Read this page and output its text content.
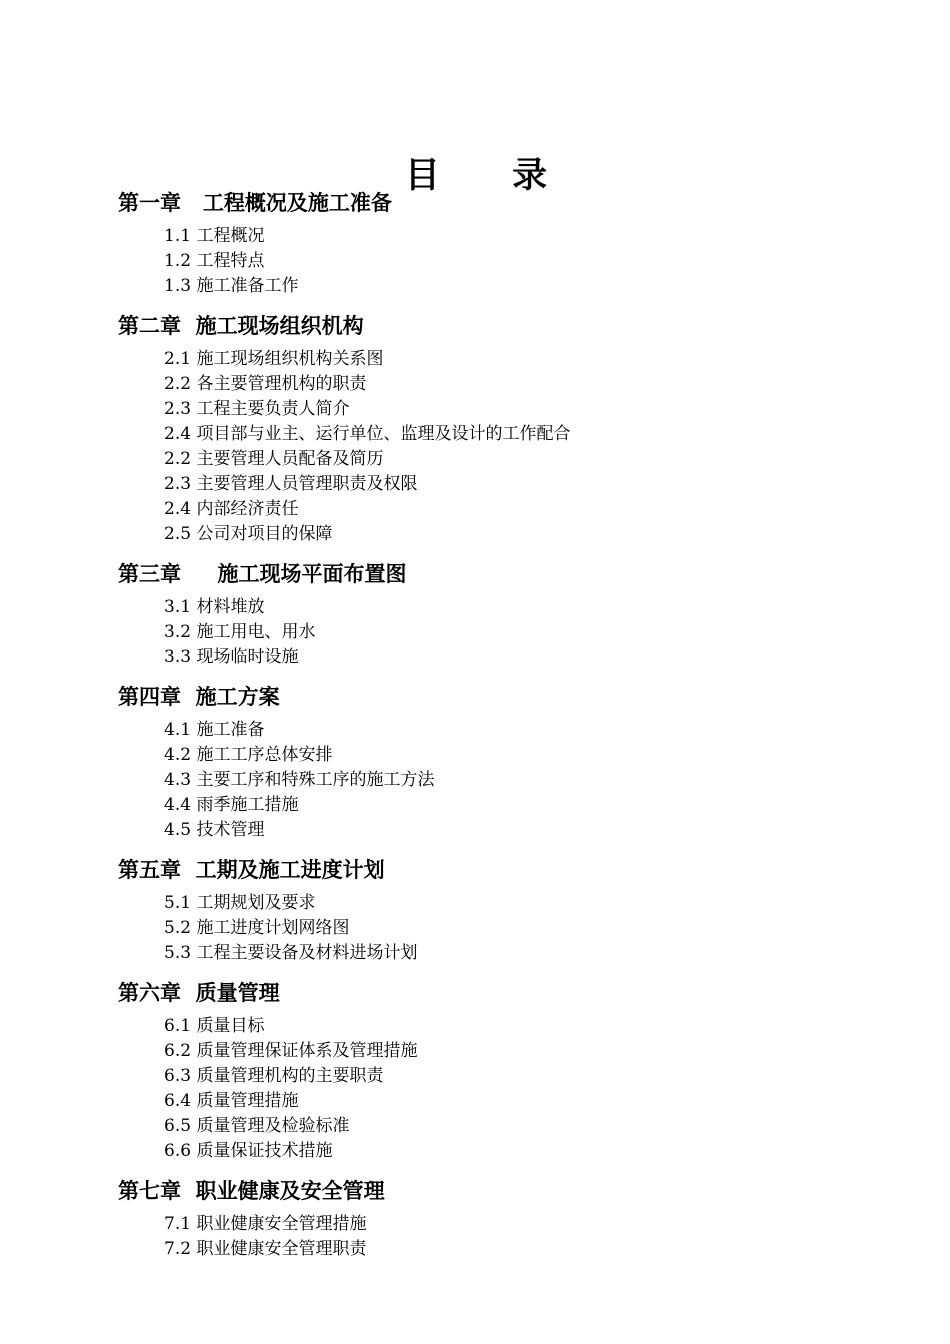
目 录
第一章   工程概况及施工准备
1.1 工程概况
1.2 工程特点
1.3 施工准备工作
第二章  施工现场组织机构
2.1 施工现场组织机构关系图
2.2 各主要管理机构的职责
2.3 工程主要负责人简介
2.4 项目部与业主、运行单位、监理及设计的工作配合
2.2 主要管理人员配备及简历
2.3 主要管理人员管理职责及权限
2.4 内部经济责任
2.5 公司对项目的保障
第三章     施工现场平面布置图
3.1 材料堆放
3.2 施工用电、用水
3.3 现场临时设施
第四章  施工方案
4.1 施工准备
4.2 施工工序总体安排
4.3 主要工序和特殊工序的施工方法
4.4 雨季施工措施
4.5 技术管理
第五章  工期及施工进度计划
5.1 工期规划及要求
5.2 施工进度计划网络图
5.3 工程主要设备及材料进场计划
第六章  质量管理
6.1 质量目标
6.2 质量管理保证体系及管理措施
6.3 质量管理机构的主要职责
6.4 质量管理措施
6.5 质量管理及检验标准
6.6 质量保证技术措施
第七章  职业健康及安全管理
7.1 职业健康安全管理措施
7.2 职业健康安全管理职责
